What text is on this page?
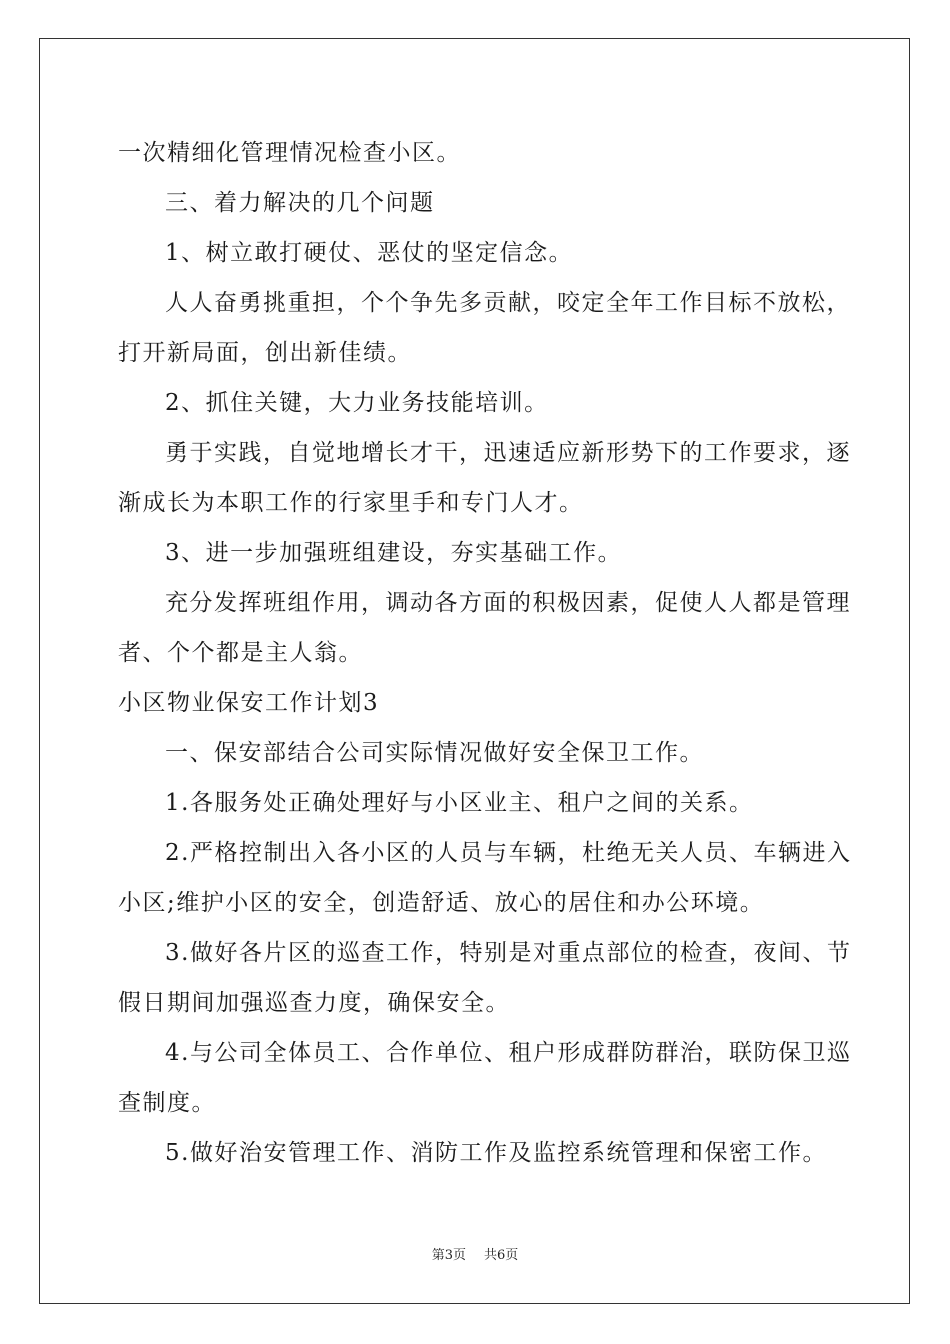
一次精细化管理情况检查小区。
三、着力解决的几个问题
1、树立敢打硬仗、恶仗的坚定信念。
人人奋勇挑重担，个个争先多贡献，咬定全年工作目标不放松，
打开新局面，创出新佳绩。
2、抓住关键，大力业务技能培训。
勇于实践，自觉地增长才干，迅速适应新形势下的工作要求，逐
渐成长为本职工作的行家里手和专门人才。
3、进一步加强班组建设，夯实基础工作。
充分发挥班组作用，调动各方面的积极因素，促使人人都是管理
者、个个都是主人翁。
小区物业保安工作计划3
一、保安部结合公司实际情况做好安全保卫工作。
1.各服务处正确处理好与小区业主、租户之间的关系。
2.严格控制出入各小区的人员与车辆，杜绝无关人员、车辆进入
小区;维护小区的安全，创造舒适、放心的居住和办公环境。
3.做好各片区的巡查工作，特别是对重点部位的检查，夜间、节
假日期间加强巡查力度，确保安全。
4.与公司全体员工、合作单位、租户形成群防群治，联防保卫巡
查制度。
5.做好治安管理工作、消防工作及监控系统管理和保密工作。
第3页 共6页
